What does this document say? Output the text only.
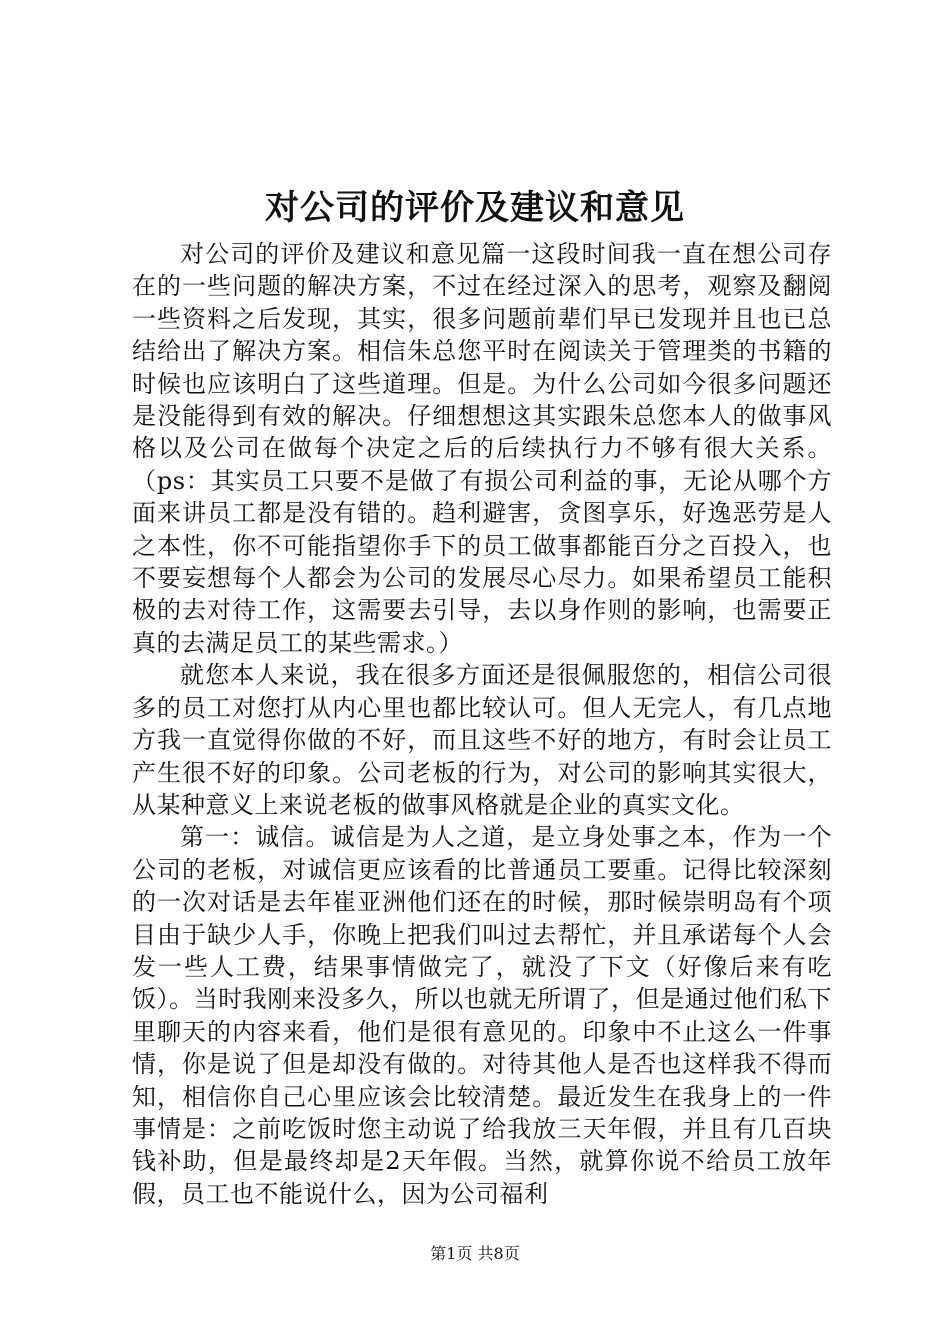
对公司的评价及建议和意见

对公司的评价及建议和意见篇一这段时间我一直在想公司存在的一些问题的解决方案，不过在经过深入的思考，观察及翻阅一些资料之后发现，其实，很多问题前辈们早已发现并且也已总结给出了解决方案。相信朱总您平时在阅读关于管理类的书籍的时候也应该明白了这些道理。但是。为什么公司如今很多问题还是没能得到有效的解决。仔细想想这其实跟朱总您本人的做事风格以及公司在做每个决定之后的后续执行力不够有很大关系。（ps：其实员工只要不是做了有损公司利益的事，无论从哪个方面来讲员工都是没有错的。趋利避害，贪图享乐，好逸恶劳是人之本性，你不可能指望你手下的员工做事都能百分之百投入，也不要妄想每个人都会为公司的发展尽心尽力。如果希望员工能积极的去对待工作，这需要去引导，去以身作则的影响，也需要正真的去满足员工的某些需求。）

就您本人来说，我在很多方面还是很佩服您的，相信公司很多的员工对您打从内心里也都比较认可。但人无完人，有几点地方我一直觉得你做的不好，而且这些不好的地方，有时会让员工产生很不好的印象。公司老板的行为，对公司的影响其实很大，从某种意义上来说老板的做事风格就是企业的真实文化。

第一：诚信。诚信是为人之道，是立身处事之本，作为一个公司的老板，对诚信更应该看的比普通员工要重。记得比较深刻的一次对话是去年崔亚洲他们还在的时候，那时候崇明岛有个项目由于缺少人手，你晚上把我们叫过去帮忙，并且承诺每个人会发一些人工费，结果事情做完了，就没了下文（好像后来有吃饭）。当时我刚来没多久，所以也就无所谓了，但是通过他们私下里聊天的内容来看，他们是很有意见的。印象中不止这么一件事情，你是说了但是却没有做的。对待其他人是否也这样我不得而知，相信你自己心里应该会比较清楚。最近发生在我身上的一件事情是：之前吃饭时您主动说了给我放三天年假，并且有几百块钱补助，但是最终却是2天年假。当然，就算你说不给员工放年假，员工也不能说什么，因为公司福利

第1页 共8页
